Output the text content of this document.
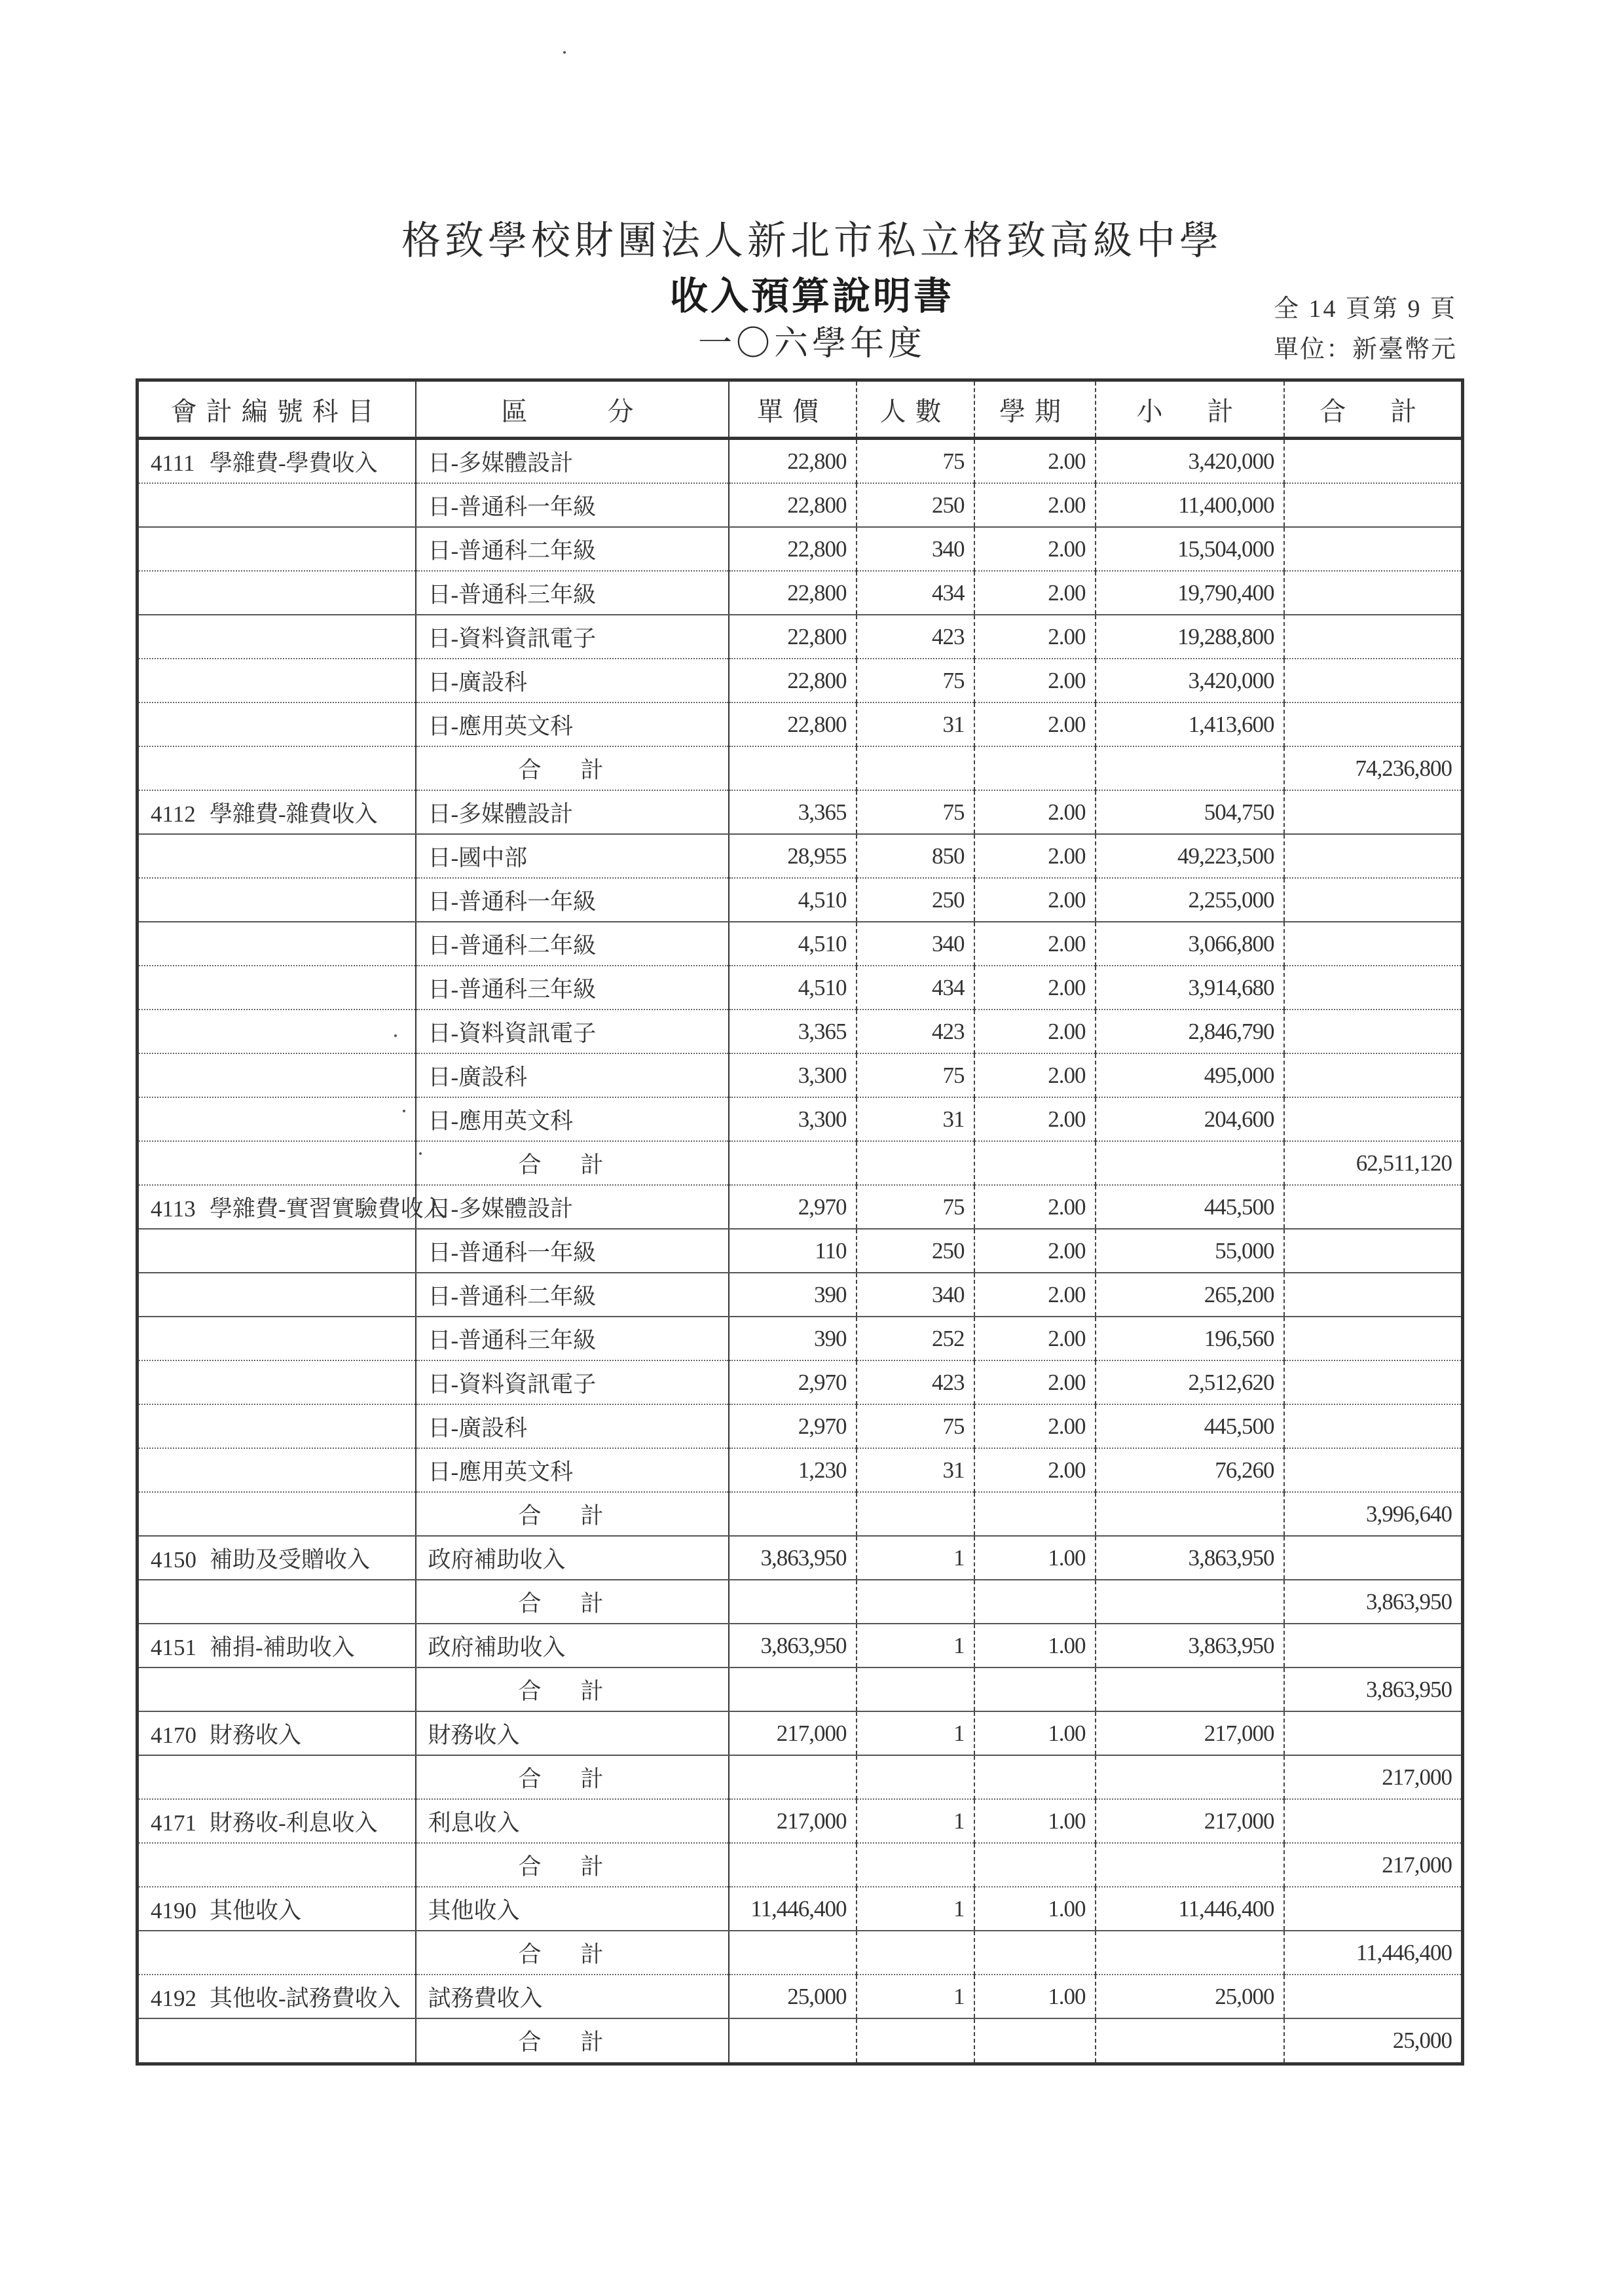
格致學校財團法人新北市私立格致高級中學
收入預算說明書
一〇六學年度
全 14 頁第 9 頁
單位：新臺幣元
會計編號科目	區　　分	單價	人數	學期	小　計	合　計
4111 學雜費-學費收入	日-多媒體設計	22,800	75	2.00	3,420,000	
	日-普通科一年級	22,800	250	2.00	11,400,000	
	日-普通科二年級	22,800	340	2.00	15,504,000	
	日-普通科三年級	22,800	434	2.00	19,790,400	
	日-資料資訊電子	22,800	423	2.00	19,288,800	
	日-廣設科	22,800	75	2.00	3,420,000	
	日-應用英文科	22,800	31	2.00	1,413,600	
	合計					74,236,800
4112 學雜費-雜費收入	日-多媒體設計	3,365	75	2.00	504,750	
	日-國中部	28,955	850	2.00	49,223,500	
	日-普通科一年級	4,510	250	2.00	2,255,000	
	日-普通科二年級	4,510	340	2.00	3,066,800	
	日-普通科三年級	4,510	434	2.00	3,914,680	
	日-資料資訊電子	3,365	423	2.00	2,846,790	
	日-廣設科	3,300	75	2.00	495,000	
	日-應用英文科	3,300	31	2.00	204,600	
	合計					62,511,120
4113 學雜費-實習實驗費收入	日-多媒體設計	2,970	75	2.00	445,500	
	日-普通科一年級	110	250	2.00	55,000	
	日-普通科二年級	390	340	2.00	265,200	
	日-普通科三年級	390	252	2.00	196,560	
	日-資料資訊電子	2,970	423	2.00	2,512,620	
	日-廣設科	2,970	75	2.00	445,500	
	日-應用英文科	1,230	31	2.00	76,260	
	合計					3,996,640
4150 補助及受贈收入	政府補助收入	3,863,950	1	1.00	3,863,950	
	合計					3,863,950
4151 補捐-補助收入	政府補助收入	3,863,950	1	1.00	3,863,950	
	合計					3,863,950
4170 財務收入	財務收入	217,000	1	1.00	217,000	
	合計					217,000
4171 財務收-利息收入	利息收入	217,000	1	1.00	217,000	
	合計					217,000
4190 其他收入	其他收入	11,446,400	1	1.00	11,446,400	
	合計					11,446,400
4192 其他收-試務費收入	試務費收入	25,000	1	1.00	25,000	
	合計					25,000
